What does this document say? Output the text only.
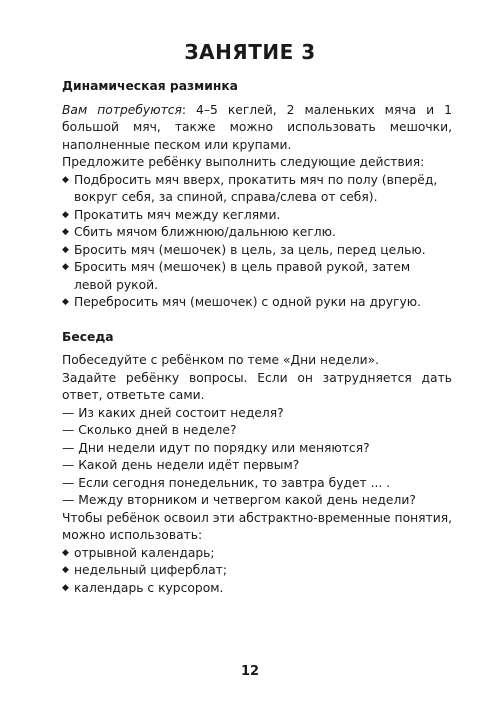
ЗАНЯТИЕ 3

Динамическая разминка

Вам потребуются: 4–5 кеглей, 2 маленьких мяча и 1 большой мяч, также можно использовать мешочки, наполненные песком или крупами.

Предложите ребёнку выполнить следующие действия:

◆ Подбросить мяч вверх, прокатить мяч по полу (вперёд, вокруг себя, за спиной, справа/слева от себя).
◆ Прокатить мяч между кеглями.
◆ Сбить мячом ближнюю/дальнюю кеглю.
◆ Бросить мяч (мешочек) в цель, за цель, перед целью.
◆ Бросить мяч (мешочек) в цель правой рукой, затем левой рукой.
◆ Перебросить мяч (мешочек) с одной руки на другую.

Беседа

Побеседуйте с ребёнком по теме «Дни недели».

Задайте ребёнку вопросы. Если он затрудняется дать ответ, ответьте сами.

— Из каких дней состоит неделя?

— Сколько дней в неделе?

— Дни недели идут по порядку или меняются?

— Какой день недели идёт первым?

— Если сегодня понедельник, то завтра будет ... .

— Между вторником и четвергом какой день недели?

Чтобы ребёнок освоил эти абстрактно-временные понятия, можно использовать:

◆ отрывной календарь;
◆ недельный циферблат;
◆ календарь с курсором.
12
